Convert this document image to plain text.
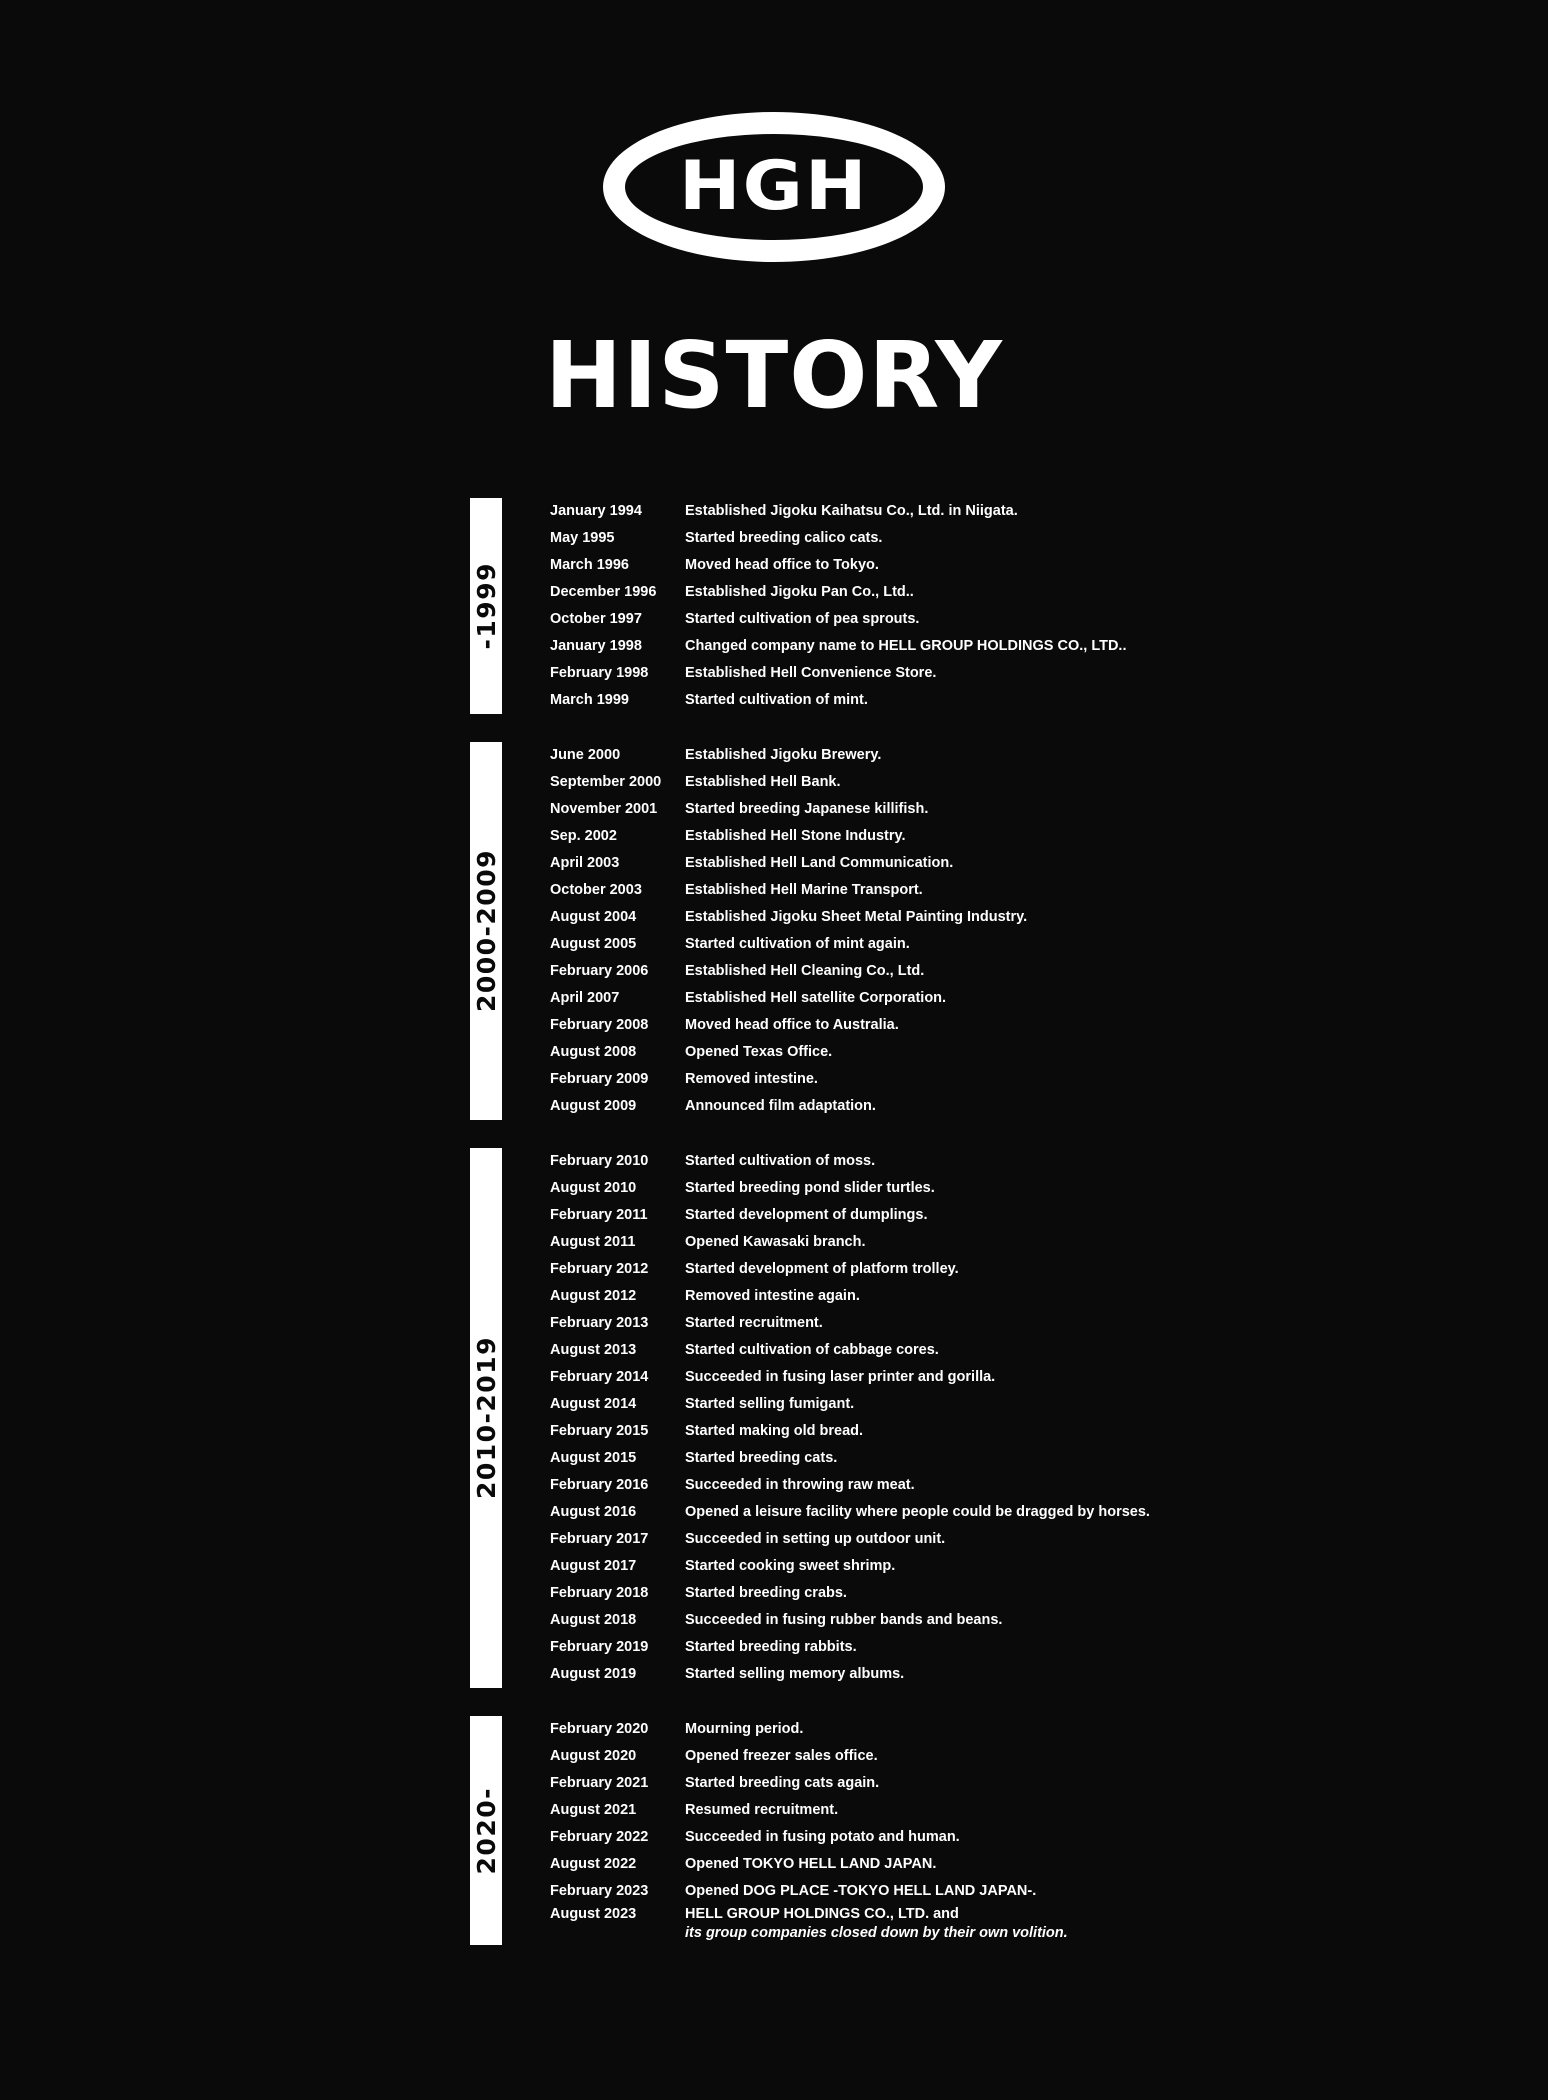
HGH
HISTORY
-1999
January 1994	Established Jigoku Kaihatsu Co., Ltd. in Niigata.
May 1995	Started breeding calico cats.
March 1996	Moved head office to Tokyo.
December 1996	Established Jigoku Pan Co., Ltd..
October 1997	Started cultivation of pea sprouts.
January 1998	Changed company name to HELL GROUP HOLDINGS CO., LTD..
February 1998	Established Hell Convenience Store.
March 1999	Started cultivation of mint.
2000-2009
June 2000	Established Jigoku Brewery.
September 2000	Established Hell Bank.
November 2001	Started breeding Japanese killifish.
Sep. 2002	Established Hell Stone Industry.
April 2003	Established Hell Land Communication.
October 2003	Established Hell Marine Transport.
August 2004	Established Jigoku Sheet Metal Painting Industry.
August 2005	Started cultivation of mint again.
February 2006	Established Hell Cleaning Co., Ltd.
April 2007	Established Hell satellite Corporation.
February 2008	Moved head office to Australia.
August 2008	Opened Texas Office.
February 2009	Removed intestine.
August 2009	Announced film adaptation.
2010-2019
February 2010	Started cultivation of moss.
August 2010	Started breeding pond slider turtles.
February 2011	Started development of dumplings.
August 2011	Opened Kawasaki branch.
February 2012	Started development of platform trolley.
August 2012	Removed intestine again.
February 2013	Started recruitment.
August 2013	Started cultivation of cabbage cores.
February 2014	Succeeded in fusing laser printer and gorilla.
August 2014	Started selling fumigant.
February 2015	Started making old bread.
August 2015	Started breeding cats.
February 2016	Succeeded in throwing raw meat.
August 2016	Opened a leisure facility where people could be dragged by horses.
February 2017	Succeeded in setting up outdoor unit.
August 2017	Started cooking sweet shrimp.
February 2018	Started breeding crabs.
August 2018	Succeeded in fusing rubber bands and beans.
February 2019	Started breeding rabbits.
August 2019	Started selling memory albums.
2020-
February 2020	Mourning period.
August 2020	Opened freezer sales office.
February 2021	Started breeding cats again.
August 2021	Resumed recruitment.
February 2022	Succeeded in fusing potato and human.
August 2022	Opened TOKYO HELL LAND JAPAN.
February 2023	Opened DOG PLACE -TOKYO HELL LAND JAPAN-.
August 2023	HELL GROUP HOLDINGS CO., LTD. and
its group companies closed down by their own volition.
